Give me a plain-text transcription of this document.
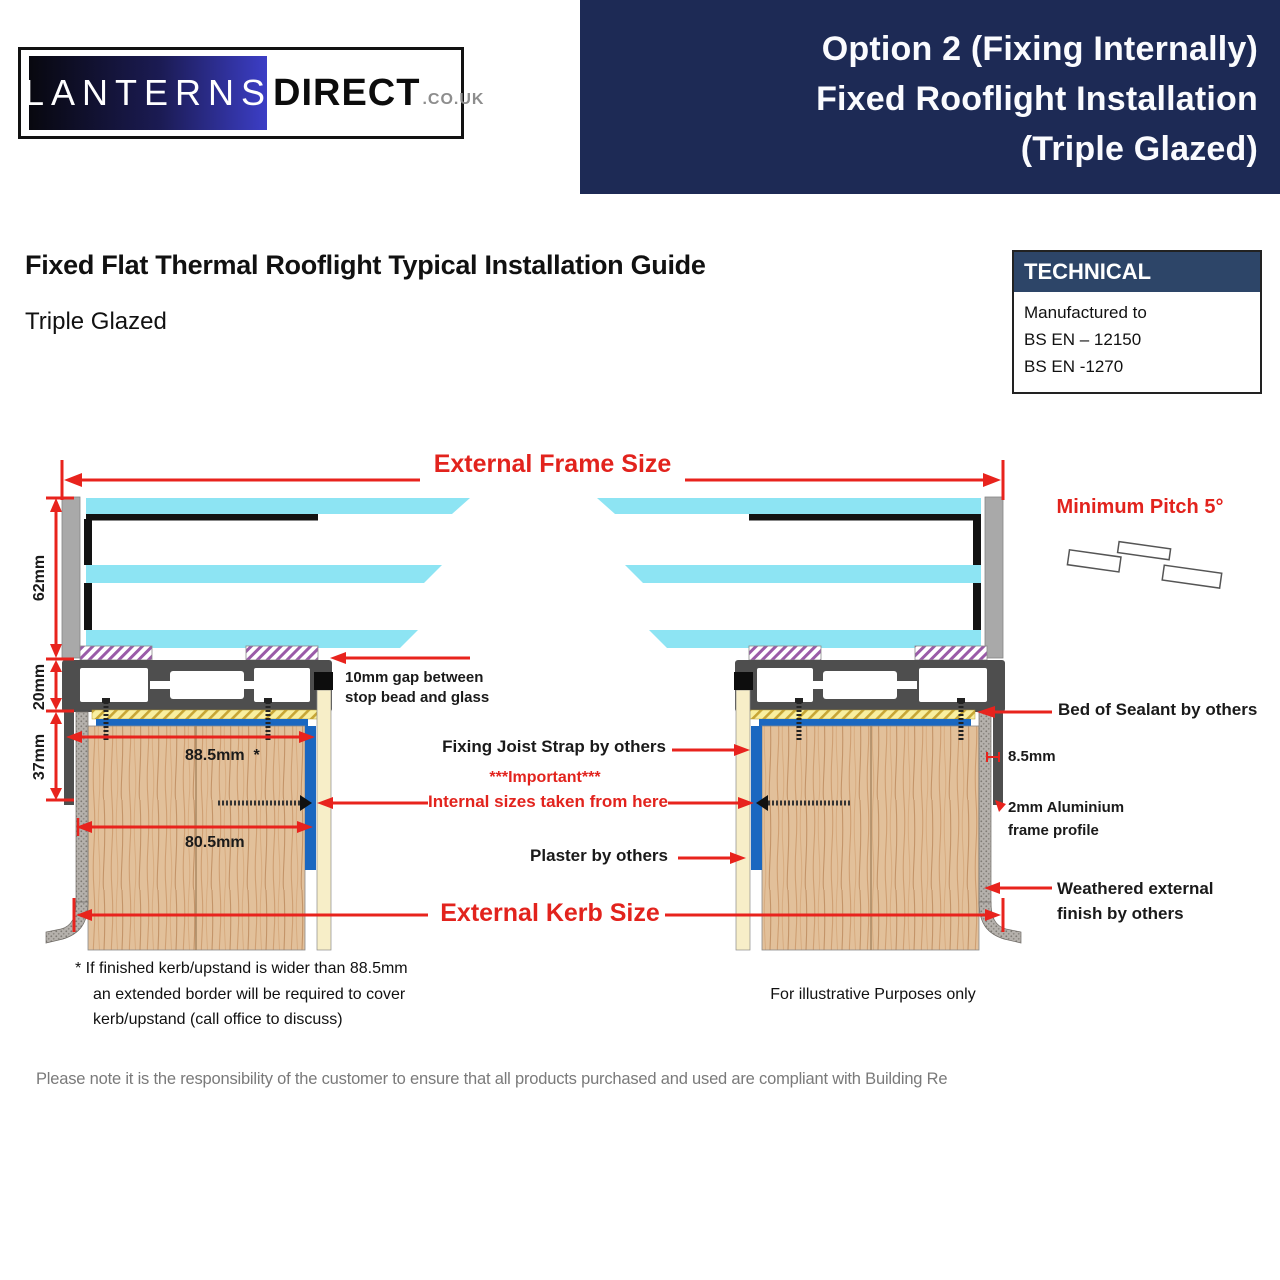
LANTERNS DIRECT .CO.UK
Option 2 (Fixing Internally)
Fixed Rooflight Installation
(Triple Glazed)
Fixed Flat Thermal Rooflight Typical Installation Guide
Triple Glazed
TECHNICAL
Manufactured to
BS EN – 12150
BS EN -1270
External Frame Size
Minimum Pitch 5°
62mm
20mm
37mm
10mm gap between
stop bead and glass
Fixing Joist Strap by others
***Important***
Internal sizes taken from here
88.5mm  *
80.5mm
Plaster by others
External Kerb Size
Bed of Sealant by others
8.5mm
2mm Aluminium
frame profile
Weathered external
finish by others
* If finished kerb/upstand is wider than 88.5mm
an extended border will be required to cover
kerb/upstand (call office to discuss)
For illustrative Purposes only
Please note it is the responsibility of the customer to ensure that all products purchased and used are compliant with Building Re
